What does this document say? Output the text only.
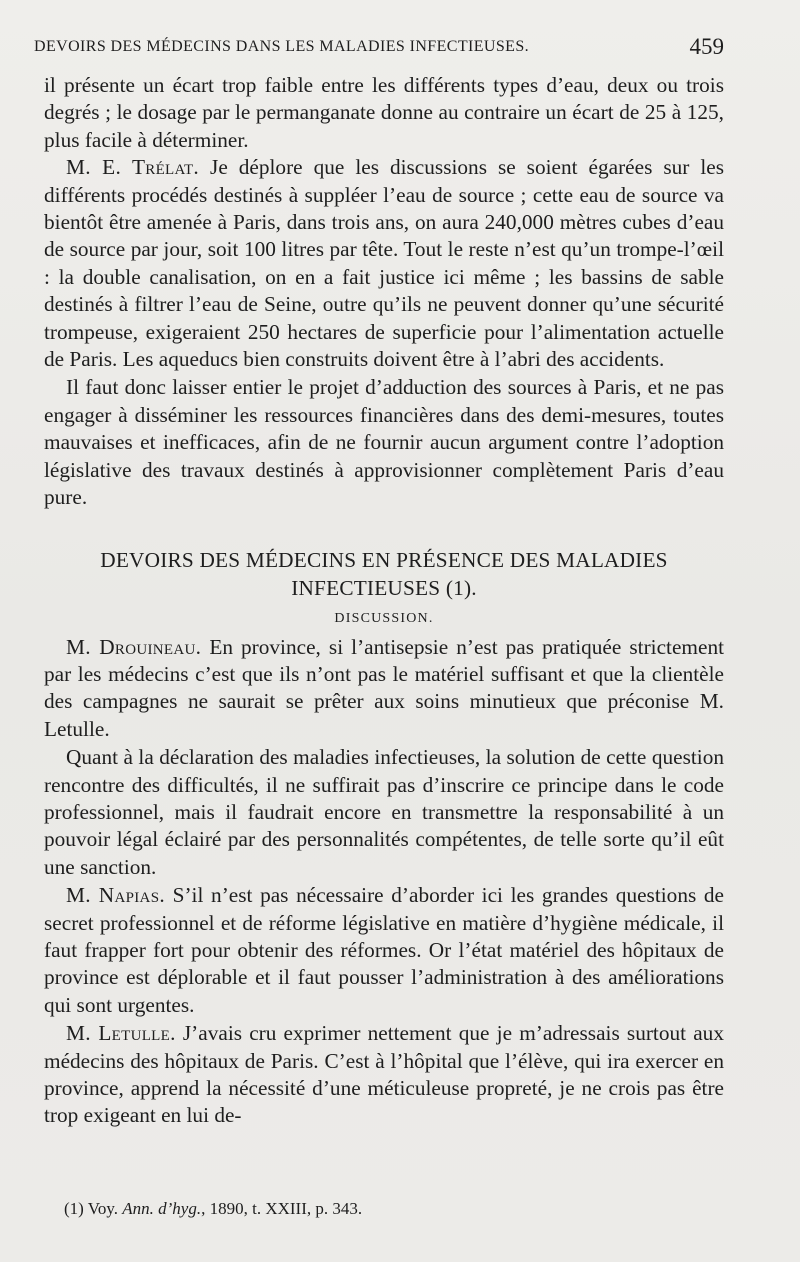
DEVOIRS DES MÉDECINS DANS LES MALADIES INFECTIEUSES.	459

il présente un écart trop faible entre les différents types d’eau, deux ou trois degrés ; le dosage par le permanganate donne au contraire un écart de 25 à 125, plus facile à déterminer.

M. E. Trélat. Je déplore que les discussions se soient égarées sur les différents procédés destinés à suppléer l’eau de source ; cette eau de source va bientôt être amenée à Paris, dans trois ans, on aura 240,000 mètres cubes d’eau de source par jour, soit 100 litres par tête. Tout le reste n’est qu’un trompe-l’œil : la double canalisation, on en a fait justice ici même ; les bassins de sable destinés à filtrer l’eau de Seine, outre qu’ils ne peuvent donner qu’une sécurité trompeuse, exigeraient 250 hectares de superficie pour l’alimentation actuelle de Paris. Les aqueducs bien construits doivent être à l’abri des accidents.

Il faut donc laisser entier le projet d’adduction des sources à Paris, et ne pas engager à disséminer les ressources financières dans des demi-mesures, toutes mauvaises et inefficaces, afin de ne fournir aucun argument contre l’adoption législative des travaux destinés à approvisionner complètement Paris d’eau pure.

DEVOIRS DES MÉDECINS EN PRÉSENCE DES MALADIES
INFECTIEUSES (1).
DISCUSSION.

M. Drouineau. En province, si l’antisepsie n’est pas pratiquée strictement par les médecins c’est que ils n’ont pas le matériel suffisant et que la clientèle des campagnes ne saurait se prêter aux soins minutieux que préconise M. Letulle.

Quant à la déclaration des maladies infectieuses, la solution de cette question rencontre des difficultés, il ne suffirait pas d’inscrire ce principe dans le code professionnel, mais il faudrait encore en transmettre la responsabilité à un pouvoir légal éclairé par des personnalités compétentes, de telle sorte qu’il eût une sanction.

M. Napias. S’il n’est pas nécessaire d’aborder ici les grandes questions de secret professionnel et de réforme législative en matière d’hygiène médicale, il faut frapper fort pour obtenir des réformes. Or l’état matériel des hôpitaux de province est déplorable et il faut pousser l’administration à des améliorations qui sont urgentes.

M. Letulle. J’avais cru exprimer nettement que je m’adressais surtout aux médecins des hôpitaux de Paris. C’est à l’hôpital que l’élève, qui ira exercer en province, apprend la nécessité d’une méticuleuse propreté, je ne crois pas être trop exigeant en lui de-

(1) Voy. Ann. d’hyg., 1890, t. XXIII, p. 343.
